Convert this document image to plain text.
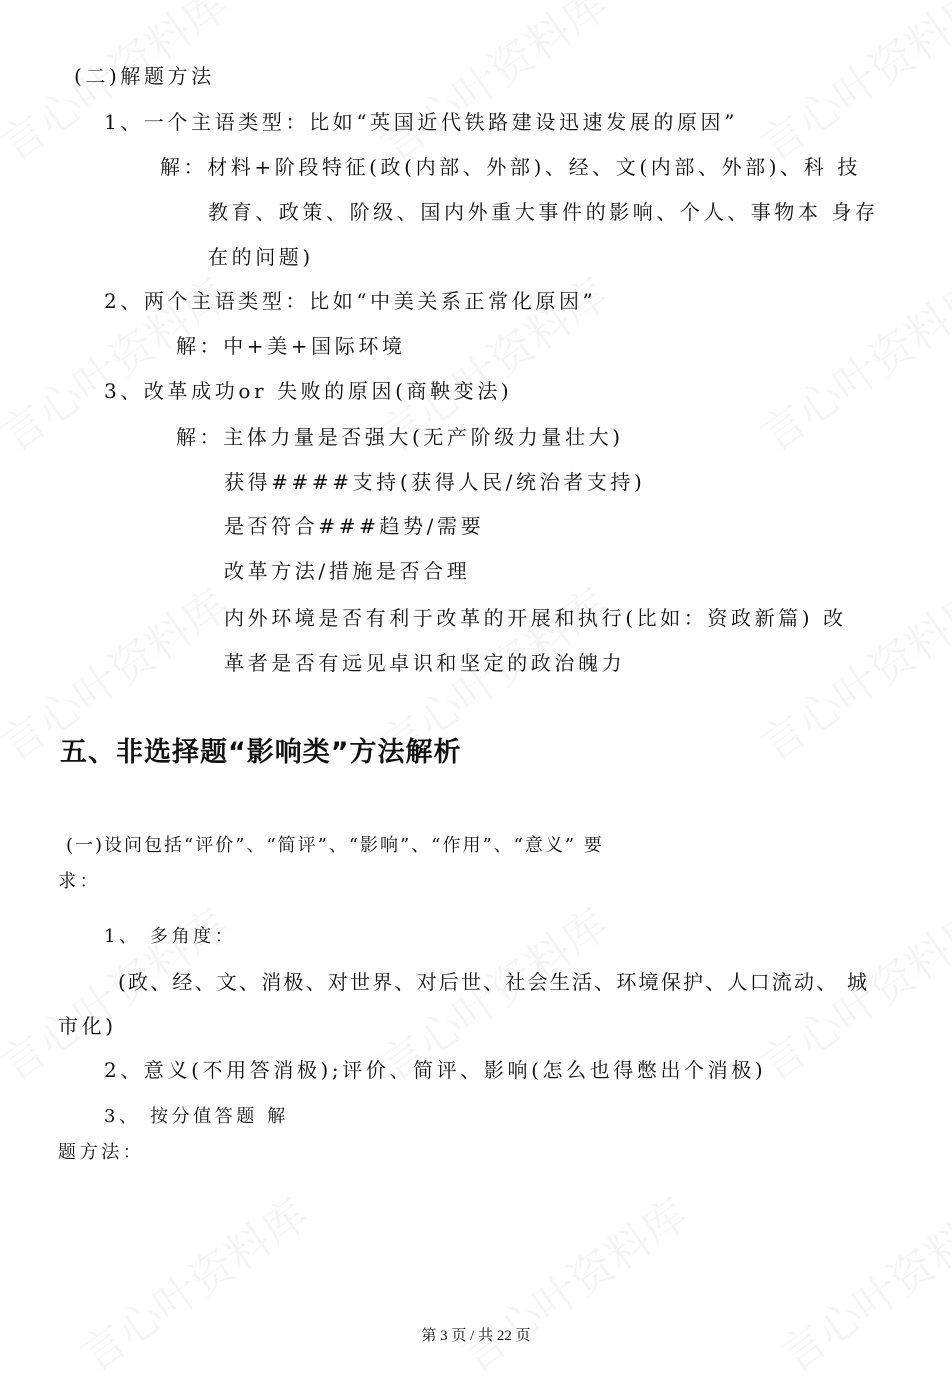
(二)解题方法
1、一个主语类型：比如“英国近代铁路建设迅速发展的原因”
解：材料+阶段特征(政(内部、外部)、经、文(内部、外部)、科 技
教育、政策、阶级、国内外重大事件的影响、个人、事物本 身存
在的问题)
2、两个主语类型：比如“中美关系正常化原因”
解：中+美+国际环境
3、改革成功or 失败的原因(商鞅变法)
解：主体力量是否强大(无产阶级力量壮大)
获得####支持(获得人民/统治者支持)
是否符合###趋势/需要
改革方法/措施是否合理
内外环境是否有利于改革的开展和执行(比如：资政新篇) 改
革者是否有远见卓识和坚定的政治魄力
五、非选择题“影响类”方法解析
(一)设问包括“评价”、“简评”、“影响”、“作用”、“意义” 要
求：
1、 多角度：
(政、经、文、消极、对世界、对后世、社会生活、环境保护、人口流动、 城
市化)
2、意义(不用答消极);评价、简评、影响(怎么也得憋出个消极)
3、 按分值答题 解
题方法：
第 3 页 / 共 22 页
